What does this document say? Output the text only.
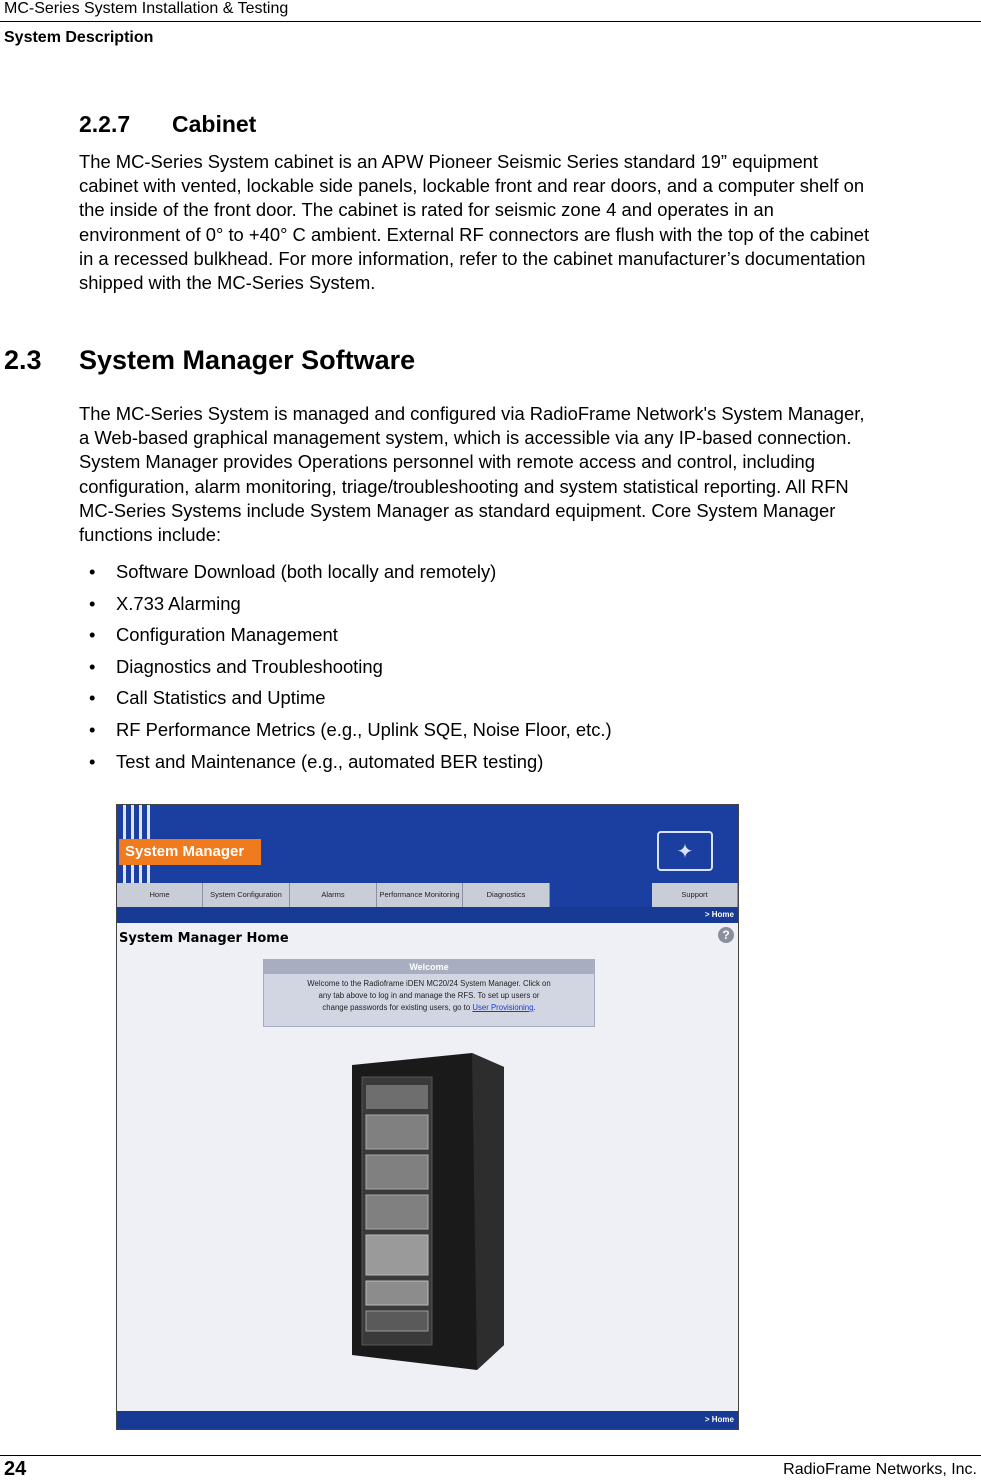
MC-Series System Installation & Testing
System Description
2.2.7 Cabinet
The MC-Series System cabinet is an APW Pioneer Seismic Series standard 19” equipment
cabinet with vented, lockable side panels, lockable front and rear doors, and a computer shelf on
the inside of the front door. The cabinet is rated for seismic zone 4 and operates in an
environment of 0° to +40° C ambient. External RF connectors are flush with the top of the cabinet
in a recessed bulkhead. For more information, refer to the cabinet manufacturer’s documentation
shipped with the MC-Series System.
2.3 System Manager Software
The MC-Series System is managed and configured via RadioFrame Network's System Manager,
a Web-based graphical management system, which is accessible via any IP-based connection.
System Manager provides Operations personnel with remote access and control, including
configuration, alarm monitoring, triage/troubleshooting and system statistical reporting. All RFN
MC-Series Systems include System Manager as standard equipment. Core System Manager
functions include:
• Software Download (both locally and remotely)
• X.733 Alarming
• Configuration Management
• Diagnostics and Troubleshooting
• Call Statistics and Uptime
• RF Performance Metrics (e.g., Uplink SQE, Noise Floor, etc.)
• Test and Maintenance (e.g., automated BER testing)
System Manager	✦
Home	System Configuration	Alarms	Performance Monitoring	Diagnostics	Support
> Home
System Manager Home	?
Welcome
Welcome to the Radioframe iDEN MC20/24 System Manager. Click on
any tab above to log in and manage the RFS. To set up users or
change passwords for existing users, go to User Provisioning.
> Home
24	RadioFrame Networks, Inc.
